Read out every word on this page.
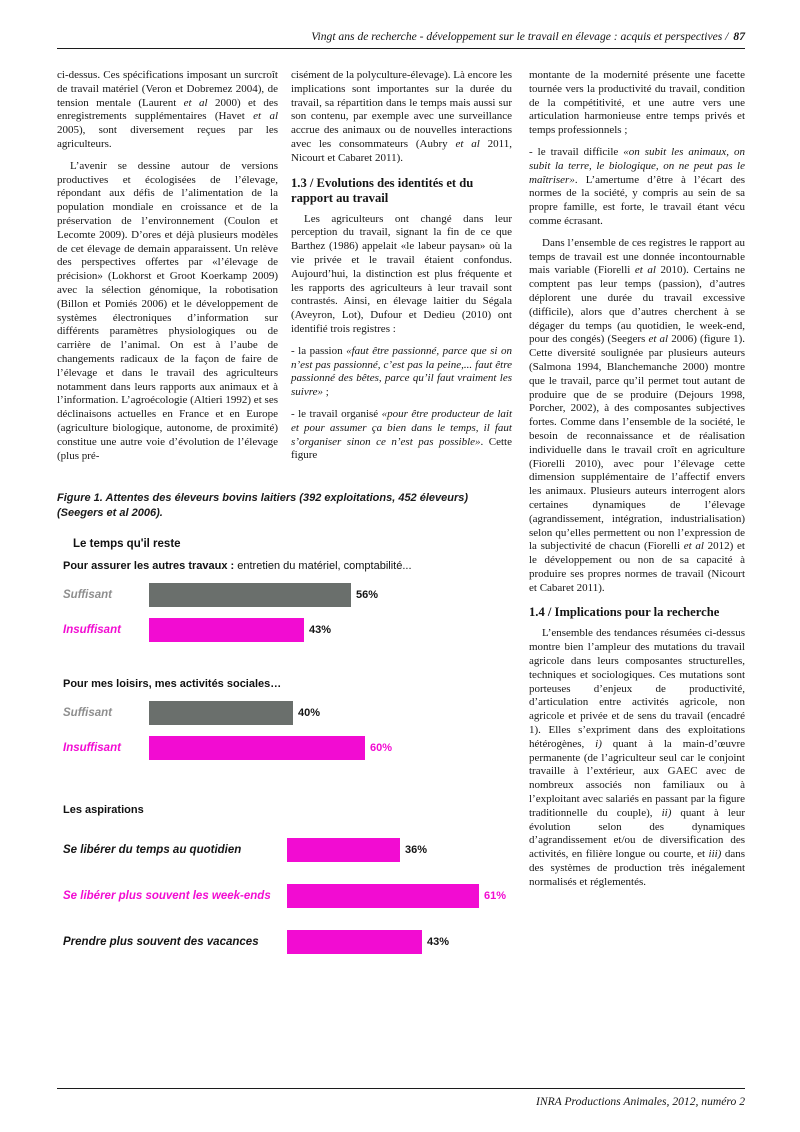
Vingt ans de recherche - développement sur le travail en élevage : acquis et perspectives / 87

ci-dessus. Ces spécifications imposant un surcroît de travail matériel (Veron et Dobremez 2004), de tension mentale (Laurent et al 2000) et des enregistrements supplémentaires (Havet et al 2005), sont diversement reçues par les agriculteurs.

L’avenir se dessine autour de versions productives et écologisées de l’élevage, répondant aux défis de l’alimentation de la population mondiale en croissance et de la préservation de l’environnement (Coulon et Lecomte 2009). D’ores et déjà plusieurs modèles de cet élevage de demain apparaissent. Un relève des perspectives offertes par «l’élevage de précision» (Lokhorst et Groot Koerkamp 2009) avec la sélection génomique, la robotisation (Billon et Pomiés 2006) et le développement de systèmes électroniques d’information sur différents paramètres physiologiques ou de carrière de l’animal. On est à l’aube de changements radicaux de la façon de faire de l’élevage et dans le travail des agriculteurs notamment dans leurs rapports aux animaux et à l’information. L’agroécologie (Altieri 1992) et ses déclinaisons actuelles en France et en Europe (agriculture biologique, autonome, de proximité) constitue une autre voie d’évolution de l’élevage (plus pré-

cisément de la polyculture-élevage). Là encore les implications sont importantes sur la durée du travail, sa répartition dans le temps mais aussi sur son contenu, par exemple avec une surveillance accrue des animaux ou de nouvelles interactions avec les consommateurs (Aubry et al 2011, Nicourt et Cabaret 2011).

1.3 / Evolutions des identités et du rapport au travail

Les agriculteurs ont changé dans leur perception du travail, signant la fin de ce que Barthez (1986) appelait «le labeur paysan» où la vie privée et le travail étaient confondus. Aujourd’hui, la distinction est plus fréquente et les rapports des agriculteurs à leur travail sont contrastés. Ainsi, en élevage laitier du Ségala (Aveyron, Lot), Dufour et Dedieu (2010) ont identifié trois registres :

- la passion «faut être passionné, parce que si on n’est pas passionné, c’est pas la peine,... faut être passionné des bêtes, parce qu’il faut vraiment les suivre» ;

- le travail organisé «pour être producteur de lait et pour assumer ça bien dans le temps, il faut s’organiser sinon ce n’est pas possible». Cette figure

Figure 1. Attentes des éleveurs bovins laitiers (392 exploitations, 452 éleveurs) (Seegers et al 2006).
Le temps qu'il reste
Pour assurer les autres travaux : entretien du matériel, comptabilité...
Suffisant	56%
Insuffisant	43%
Pour mes loisirs, mes activités sociales…
Suffisant	40%
Insuffisant	60%
Les aspirations
Se libérer du temps au quotidien	36%
Se libérer plus souvent les week-ends	61%
Prendre plus souvent des vacances	43%

montante de la modernité présente une facette tournée vers la productivité du travail, condition de la compétitivité, et une autre vers une articulation harmonieuse entre temps privés et temps professionnels ;

- le travail difficile «on subit les animaux, on subit la terre, le biologique, on ne peut pas le maîtriser». L’amertume d’être à l’écart des normes de la société, y compris au sein de sa propre famille, est forte, le travail étant vécu comme écrasant.

Dans l’ensemble de ces registres le rapport au temps de travail est une donnée incontournable mais variable (Fiorelli et al 2010). Certains ne comptent pas leur temps (passion), d’autres déplorent une durée du travail excessive (difficile), alors que d’autres cherchent à se dégager du temps (au quotidien, le week-end, pour des congés) (Seegers et al 2006) (figure 1). Cette diversité soulignée par plusieurs auteurs (Salmona 1994, Blanchemanche 2000) montre que le travail, parce qu’il permet tout autant de produire que de se produire (Dejours 1998, Porcher, 2002), à des composantes subjectives fortes. Comme dans l’ensemble de la société, le besoin de reconnaissance et de réalisation individuelle dans le travail croît en agriculture (Fiorelli 2010), avec pour l’élevage cette dimension supplémentaire de l’affectif envers les animaux. Plusieurs auteurs interrogent alors certaines dynamiques de l’élevage (agrandissement, intégration, industrialisation) selon qu’elles permettent ou non l’expression de la subjectivité de chacun (Fiorelli et al 2012) et le développement ou non de sa capacité à produire ses propres normes de travail (Nicourt et Cabaret 2011).

1.4 / Implications pour la recherche

L’ensemble des tendances résumées ci-dessus montre bien l’ampleur des mutations du travail agricole dans leurs composantes structurelles, techniques et sociologiques. Ces mutations sont porteuses d’enjeux de productivité, d’articulation entre activités agricole, non agricole et privée et de sens du travail (encadré 1). Elles s’expriment dans des exploitations hétérogènes, i) quant à la main-d’œuvre permanente (de l’agriculteur seul car le conjoint travaille à l’extérieur, aux GAEC avec de nombreux associés non familiaux ou à l’exploitant avec salariés en passant par la figure traditionnelle du couple), ii) quant à leur évolution selon des dynamiques d’agrandissement et/ou de diversification des activités, en filière longue ou courte, et iii) dans des systèmes de production très inégalement normalisés et réglementés.

INRA Productions Animales, 2012, numéro 2
